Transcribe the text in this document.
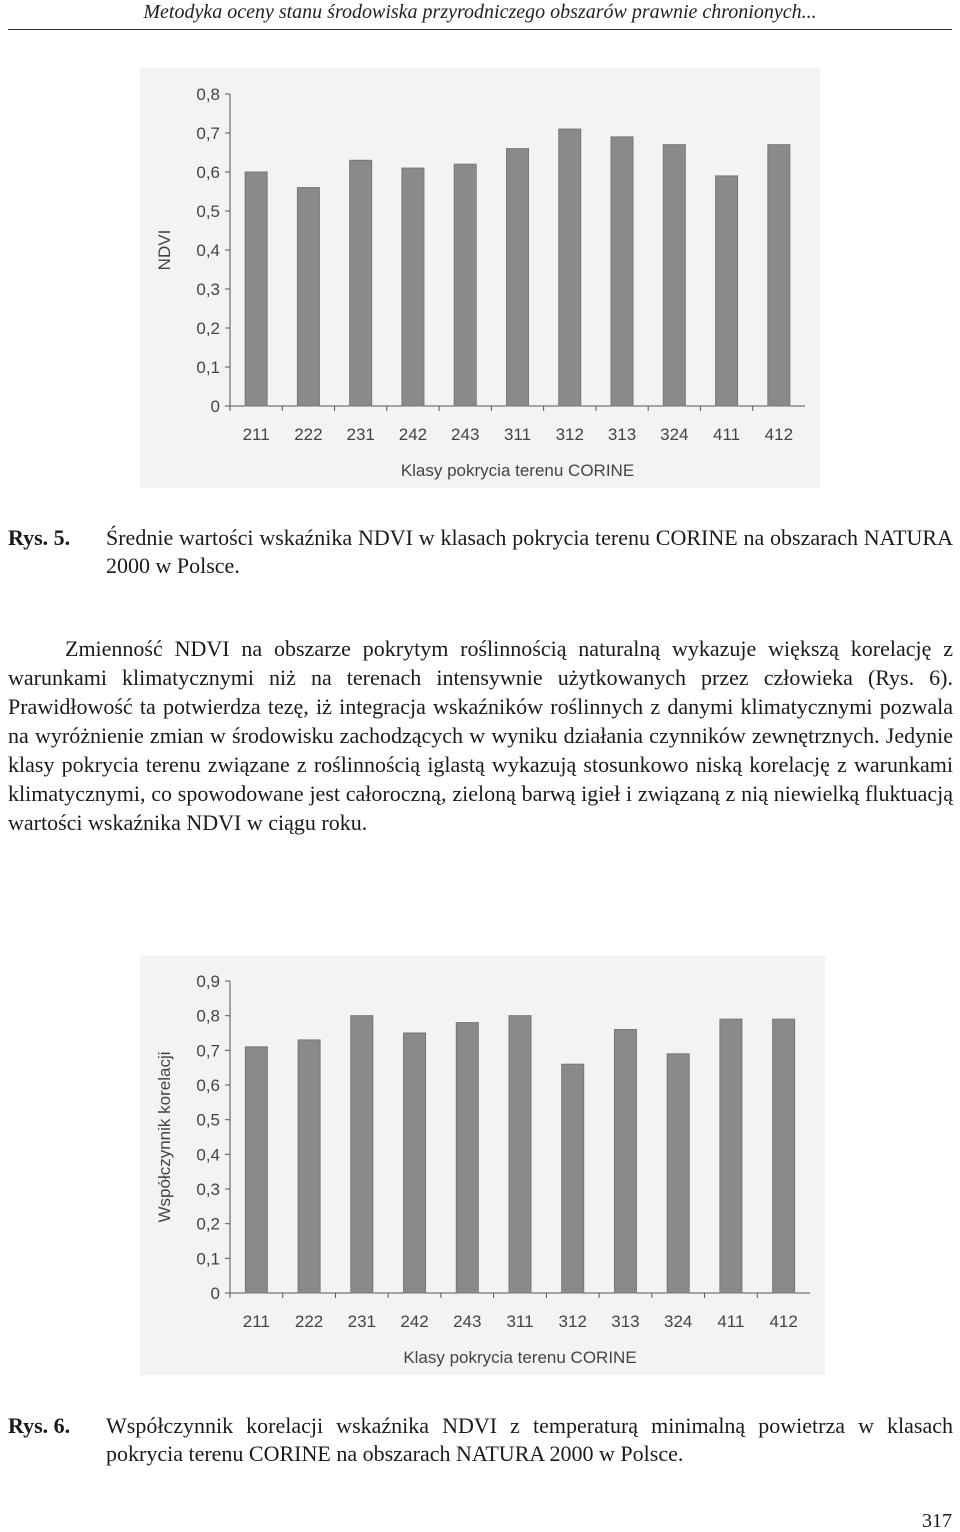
Metodyka oceny stanu środowiska przyrodniczego obszarów prawnie chronionych...
0
0,1
0,2
0,3
0,4
0,5
0,6
0,7
0,8
211 222 231 242 243 311 312 313 324 411 412
Klasy pokrycia terenu CORINE
NDVI
Rys. 5. Średnie wartości wskaźnika NDVI w klasach pokrycia terenu CORINE na obszarach NATURA 2000 w Polsce.
Zmienność NDVI na obszarze pokrytym roślinnością naturalną wykazuje większą korelację z warunkami klimatycznymi niż na terenach intensywnie użytkowanych przez człowieka (Rys. 6). Prawidłowość ta potwierdza tezę, iż integracja wskaźników roślinnych z danymi klimatycznymi pozwala na wyróżnienie zmian w środowisku zachodzących w wyniku działania czynników zewnętrznych. Jedynie klasy pokrycia terenu związane z roślinnością iglastą wykazują stosunkowo niską korelację z warunkami klimatycznymi, co spowodowane jest całoroczną, zieloną barwą igieł i związaną z nią niewielką fluktuacją wartości wskaźnika NDVI w ciągu roku.
0
0,1
0,2
0,3
0,4
0,5
0,6
0,7
0,8
0,9
211 222 231 242 243 311 312 313 324 411 412
Klasy pokrycia terenu CORINE
Współczynnik korelacji
Rys. 6. Współczynnik korelacji wskaźnika NDVI z temperaturą minimalną powietrza w klasach pokrycia terenu CORINE na obszarach NATURA 2000 w Polsce.
317
